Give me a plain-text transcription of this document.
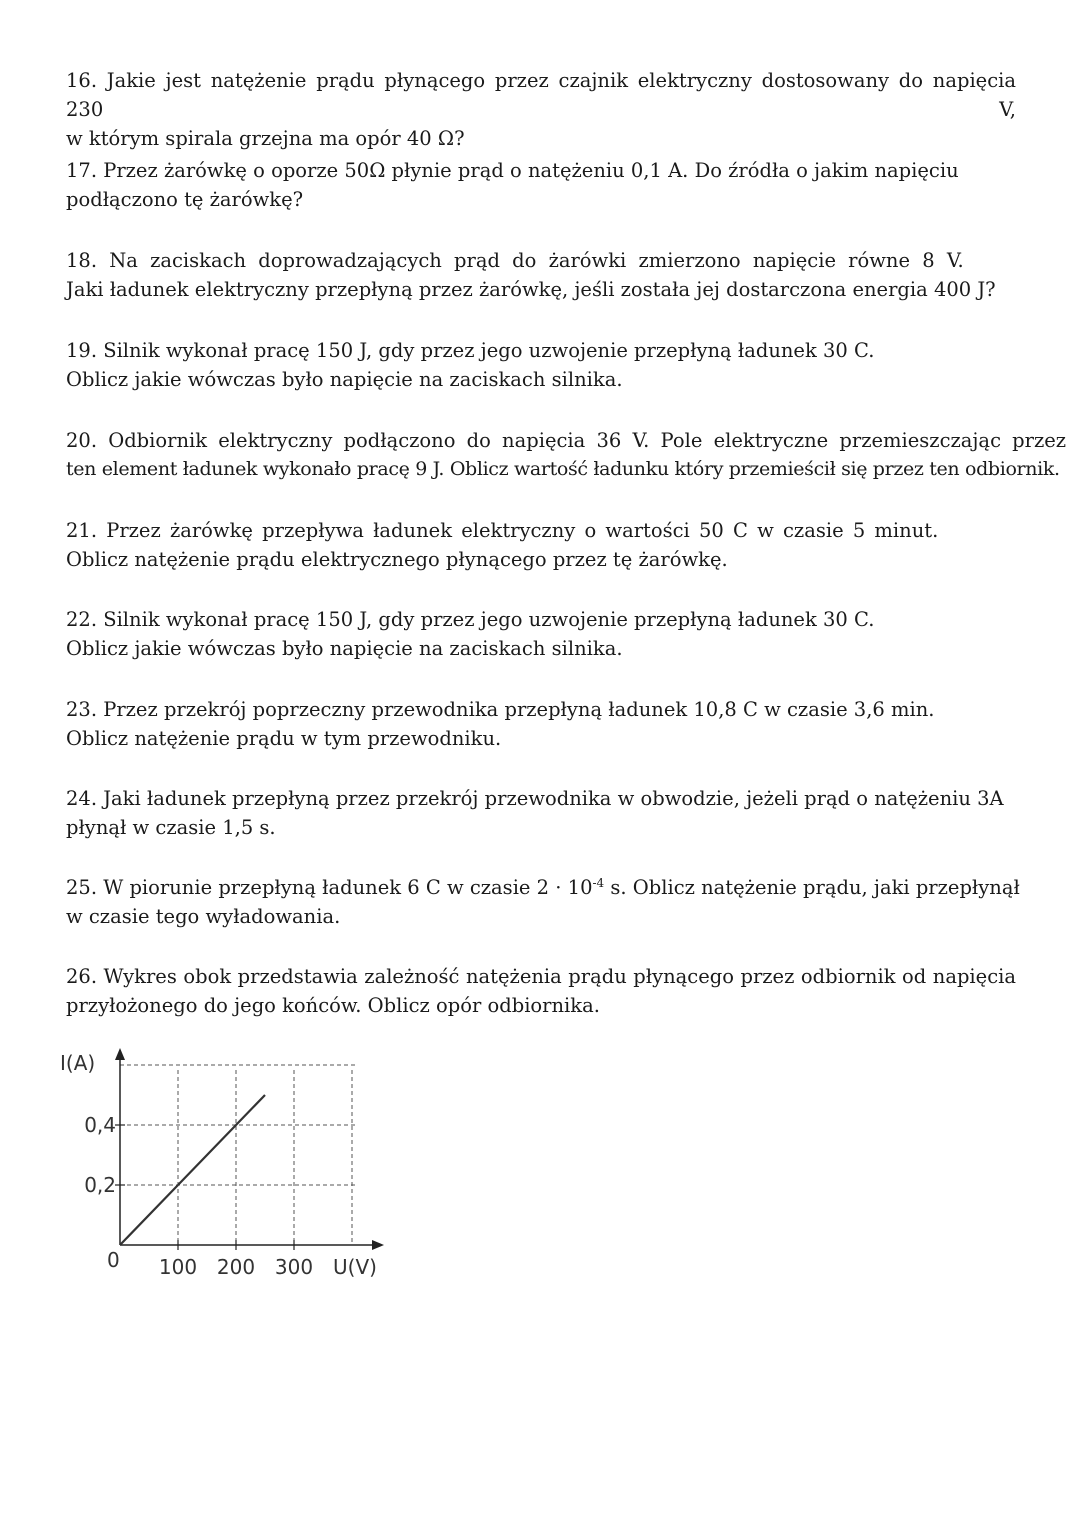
16. Jakie jest natężenie prądu płynącego przez czajnik elektryczny dostosowany do napięcia 230 V,
w którym spirala grzejna ma opór 40 Ω?
17. Przez żarówkę o oporze 50Ω płynie prąd o natężeniu 0,1 A. Do źródła o jakim napięciu
podłączono tę żarówkę?
18. Na zaciskach doprowadzających prąd do żarówki zmierzono napięcie równe 8 V.
Jaki ładunek elektryczny przepłyną przez żarówkę, jeśli została jej dostarczona energia 400 J?
19. Silnik wykonał pracę 150 J, gdy przez jego uzwojenie przepłyną ładunek 30 C.
Oblicz jakie wówczas było napięcie na zaciskach silnika.
20. Odbiornik elektryczny podłączono do napięcia 36 V. Pole elektryczne przemieszczając przez
ten element ładunek wykonało pracę 9 J. Oblicz wartość ładunku który przemieścił się przez ten odbiornik.
21. Przez żarówkę przepływa ładunek elektryczny o wartości 50 C w czasie 5 minut.
Oblicz natężenie prądu elektrycznego płynącego przez tę żarówkę.
22. Silnik wykonał pracę 150 J, gdy przez jego uzwojenie przepłyną ładunek 30 C.
Oblicz jakie wówczas było napięcie na zaciskach silnika.
23. Przez przekrój poprzeczny przewodnika przepłyną ładunek 10,8 C w czasie 3,6 min.
Oblicz natężenie prądu w tym przewodniku.
24. Jaki ładunek przepłyną przez przekrój przewodnika w obwodzie, jeżeli prąd o natężeniu 3A
płynął w czasie 1,5 s.
25. W piorunie przepłyną ładunek 6 C w czasie $2 \cdot 10^{-4}$ s. Oblicz natężenie prądu, jaki przepłynął
w czasie tego wyładowania.
26. Wykres obok przedstawia zależność natężenia prądu płynącego przez odbiornik od napięcia
przyłożonego do jego końców. Oblicz opór odbiornika.
100 200 300
0,2
0,4
I(A)
U(V)
0
